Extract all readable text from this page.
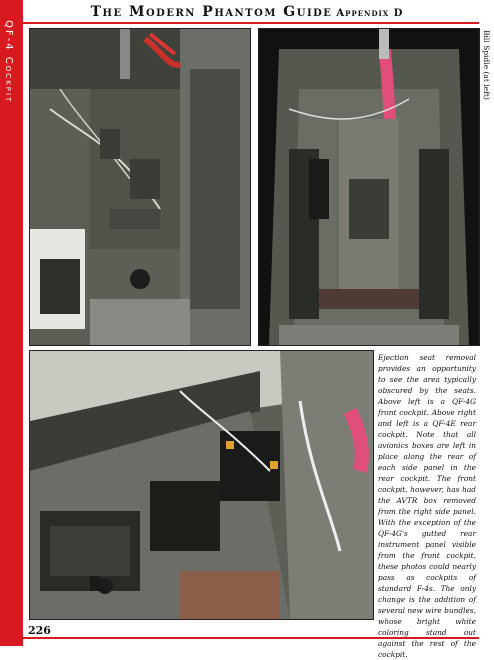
QF-4 Cockpit
The Modern Phantom Guide Appendix D
Bill Spidle (at left)
Ejection seat removal provides an opportunity to see the area typically obscured by the seats. Above left is a QF-4G front cockpit. Above right and left is a QF-4E rear cockpit. Note that all avionics boxes are left in place along the rear of each side panel in the rear cockpit. The front cockpit, however, has had the AVTR box removed from the right side panel. With the exception of the QF-4G's gutted rear instrument panel visible from the front cockpit, these photos could nearly pass as cockpits of standard F-4s. The only change is the addition of several new wire bundles, whose bright white coloring stand out against the rest of the cockpit.
226
